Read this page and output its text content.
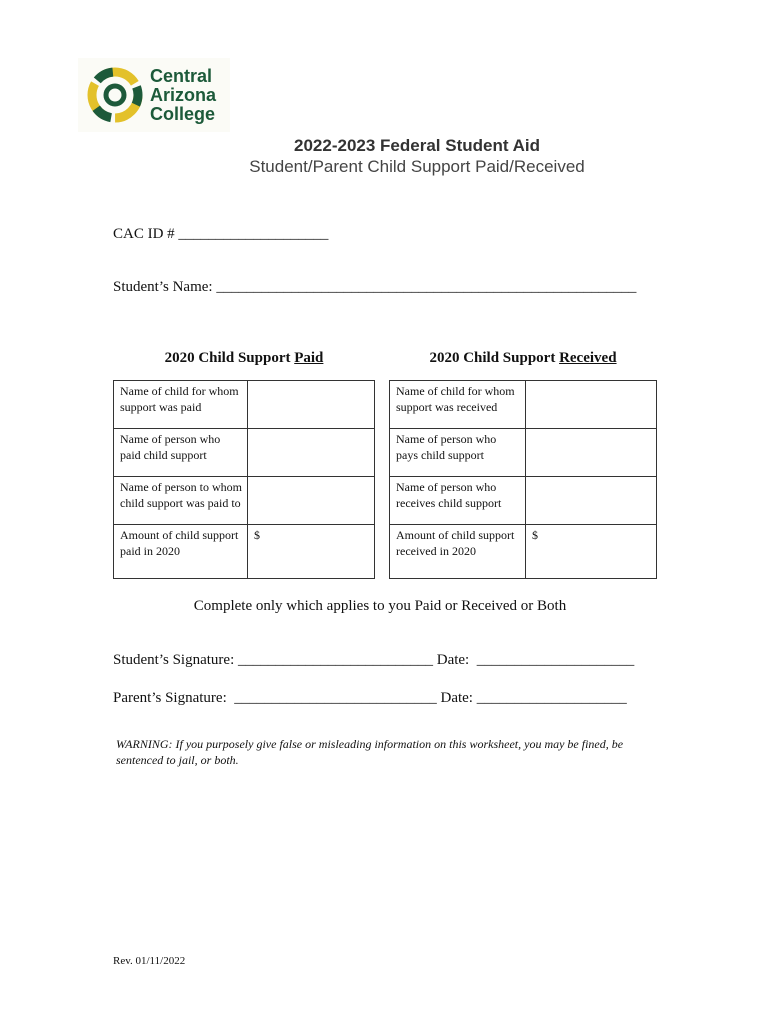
Central
Arizona
College
2022-2023 Federal Student Aid
Student/Parent Child Support Paid/Received
CAC ID # ____________________
Student’s Name: ________________________________________________________
2020 Child Support Paid	2020 Child Support Received
Name of child for whom support was paid	
Name of person who paid child support	
Name of person to whom child support was paid to	
Amount of child support paid in 2020	$
Name of child for whom support was received	
Name of person who pays child support	
Name of person who receives child support	
Amount of child support received in 2020	$
Complete only which applies to you Paid or Received or Both
Student’s Signature: __________________________ Date:  _____________________
Parent’s Signature:  ___________________________ Date: ____________________
WARNING: If you purposely give false or misleading information on this worksheet, you may be fined, be sentenced to jail, or both.
Rev. 01/11/2022
